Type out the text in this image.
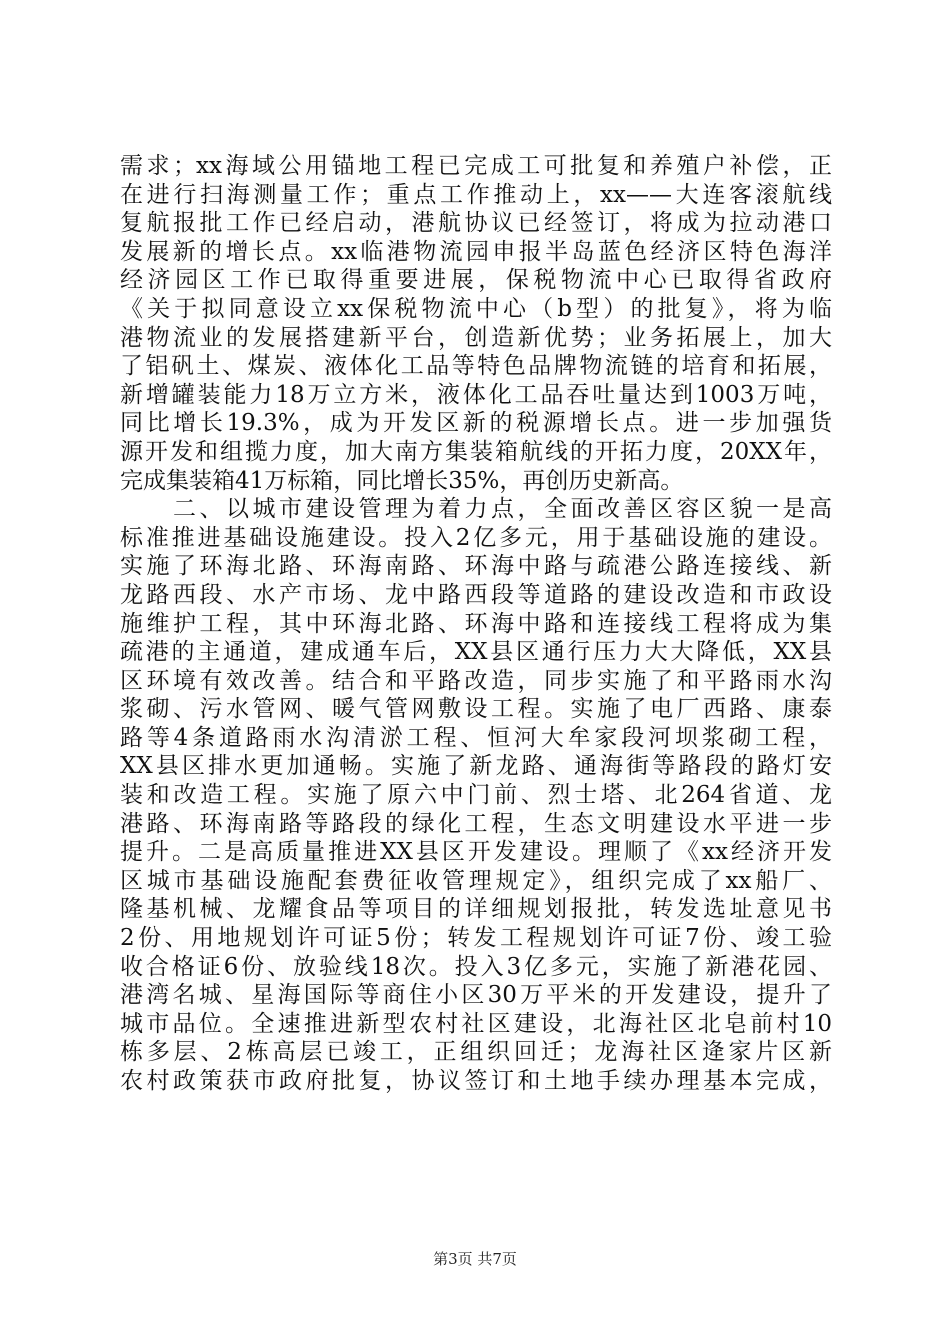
需求；xx海域公用锚地工程已完成工可批复和养殖户补偿，正
在进行扫海测量工作；重点工作推动上，xx——大连客滚航线
复航报批工作已经启动，港航协议已经签订，将成为拉动港口
发展新的增长点。xx临港物流园申报半岛蓝色经济区特色海洋
经济园区工作已取得重要进展，保税物流中心已取得省政府
《关于拟同意设立xx保税物流中心（b型）的批复》，将为临
港物流业的发展搭建新平台，创造新优势；业务拓展上，加大
了铝矾土、煤炭、液体化工品等特色品牌物流链的培育和拓展，
新增罐装能力18万立方米，液体化工品吞吐量达到1003万吨，
同比增长19.3%，成为开发区新的税源增长点。进一步加强货
源开发和组揽力度，加大南方集装箱航线的开拓力度，20XX年，
完成集装箱41万标箱，同比增长35%，再创历史新高。
　　二、以城市建设管理为着力点，全面改善区容区貌一是高
标准推进基础设施建设。投入2亿多元，用于基础设施的建设。
实施了环海北路、环海南路、环海中路与疏港公路连接线、新
龙路西段、水产市场、龙中路西段等道路的建设改造和市政设
施维护工程，其中环海北路、环海中路和连接线工程将成为集
疏港的主通道，建成通车后，XX县区通行压力大大降低，XX县
区环境有效改善。结合和平路改造，同步实施了和平路雨水沟
浆砌、污水管网、暖气管网敷设工程。实施了电厂西路、康泰
路等4条道路雨水沟清淤工程、恒河大牟家段河坝浆砌工程，
XX县区排水更加通畅。实施了新龙路、通海街等路段的路灯安
装和改造工程。实施了原六中门前、烈士塔、北264省道、龙
港路、环海南路等路段的绿化工程，生态文明建设水平进一步
提升。二是高质量推进XX县区开发建设。理顺了《xx经济开发
区城市基础设施配套费征收管理规定》，组织完成了xx船厂、
隆基机械、龙耀食品等项目的详细规划报批，转发选址意见书
2份、用地规划许可证5份；转发工程规划许可证7份、竣工验
收合格证6份、放验线18次。投入3亿多元，实施了新港花园、
港湾名城、星海国际等商住小区30万平米的开发建设，提升了
城市品位。全速推进新型农村社区建设，北海社区北皂前村10
栋多层、2栋高层已竣工，正组织回迁；龙海社区逄家片区新
农村政策获市政府批复，协议签订和土地手续办理基本完成，
第3页 共7页
